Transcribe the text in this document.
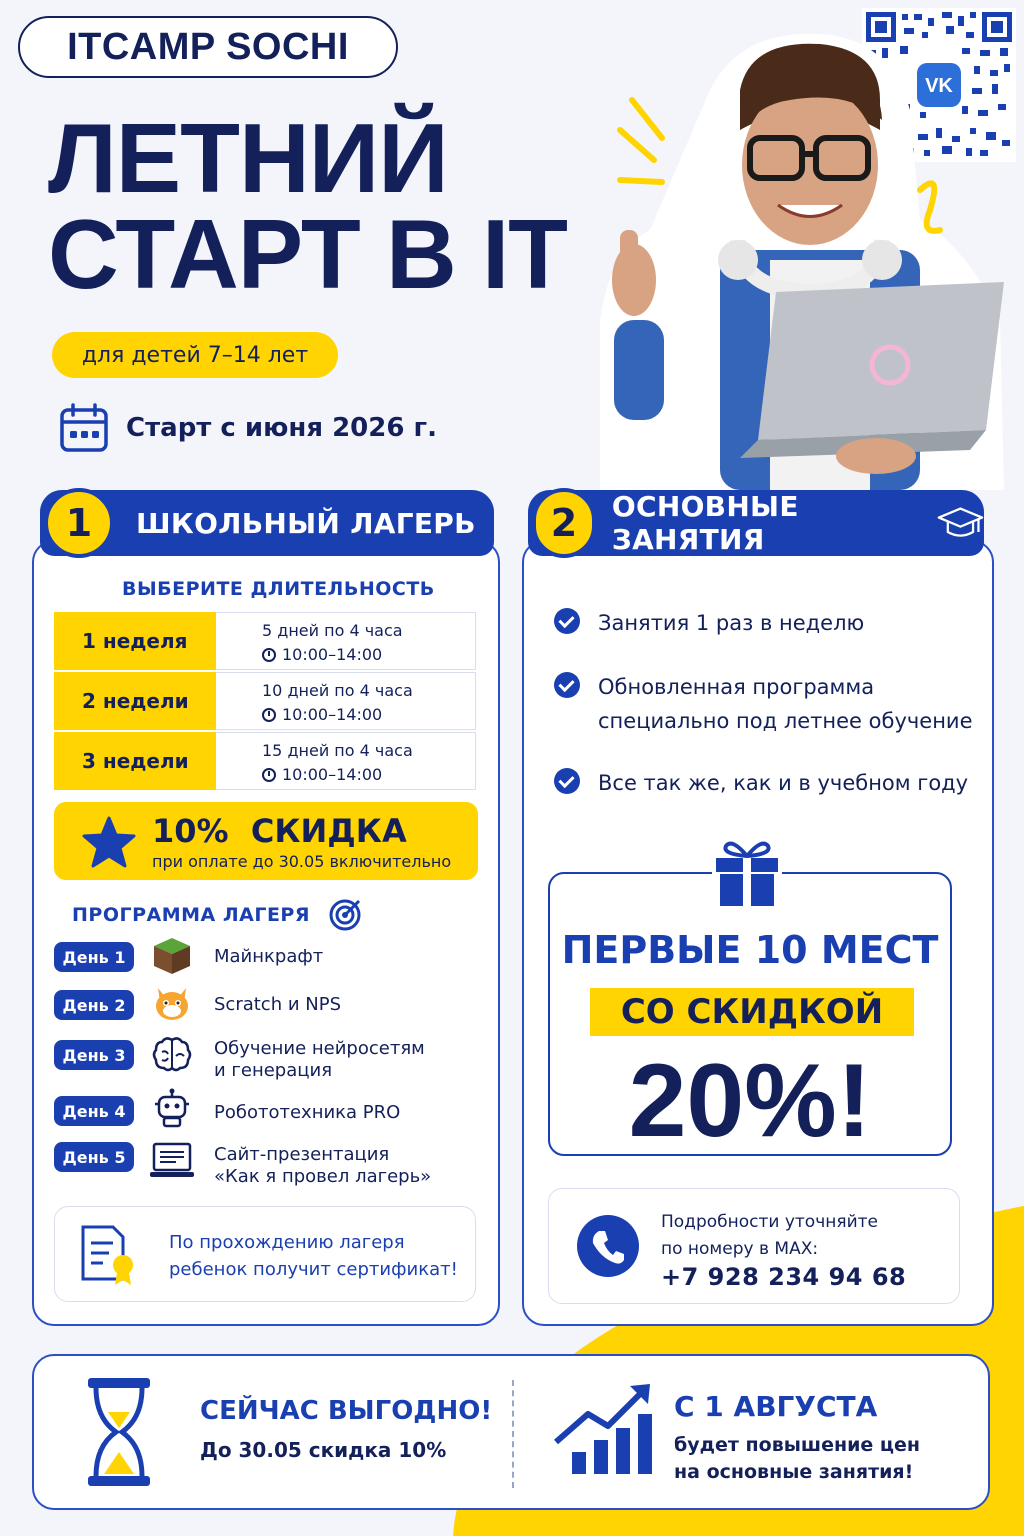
ITCAMP SOCHI
ЛЕТНИЙ
СТАРТ В IT
для детей 7–14 лет
Старт с июня 2026 г.
VK
1	ШКОЛЬНЫЙ ЛАГЕРЬ
ВЫБЕРИТЕ ДЛИТЕЛЬНОСТЬ
1 неделя	5 дней по 4 часа
10:00–14:00
2 недели	10 дней по 4 часа
10:00–14:00
3 недели	15 дней по 4 часа
10:00–14:00
10%  СКИДКА
при оплате до 30.05 включительно
ПРОГРАММА ЛАГЕРЯ
День 1	Майнкрафт
День 2	Scratch и NPS
День 3	Обучение нейросетям
и генерация
День 4	Робототехника PRO
День 5	Сайт-презентация
«Как я провел лагерь»
По прохождению лагеря
ребенок получит сертификат!
2	ОСНОВНЫЕ ЗАНЯТИЯ
Занятия 1 раз в неделю
Обновленная программа
специально под летнее обучение
Все так же, как и в учебном году
ПЕРВЫЕ 10 МЕСТ
СО СКИДКОЙ
20%!
Подробности уточняйте
по номеру в MAX:
+7 928 234 94 68
СЕЙЧАС ВЫГОДНО!
До 30.05 скидка 10%
С 1 АВГУСТА
будет повышение цен
на основные занятия!
